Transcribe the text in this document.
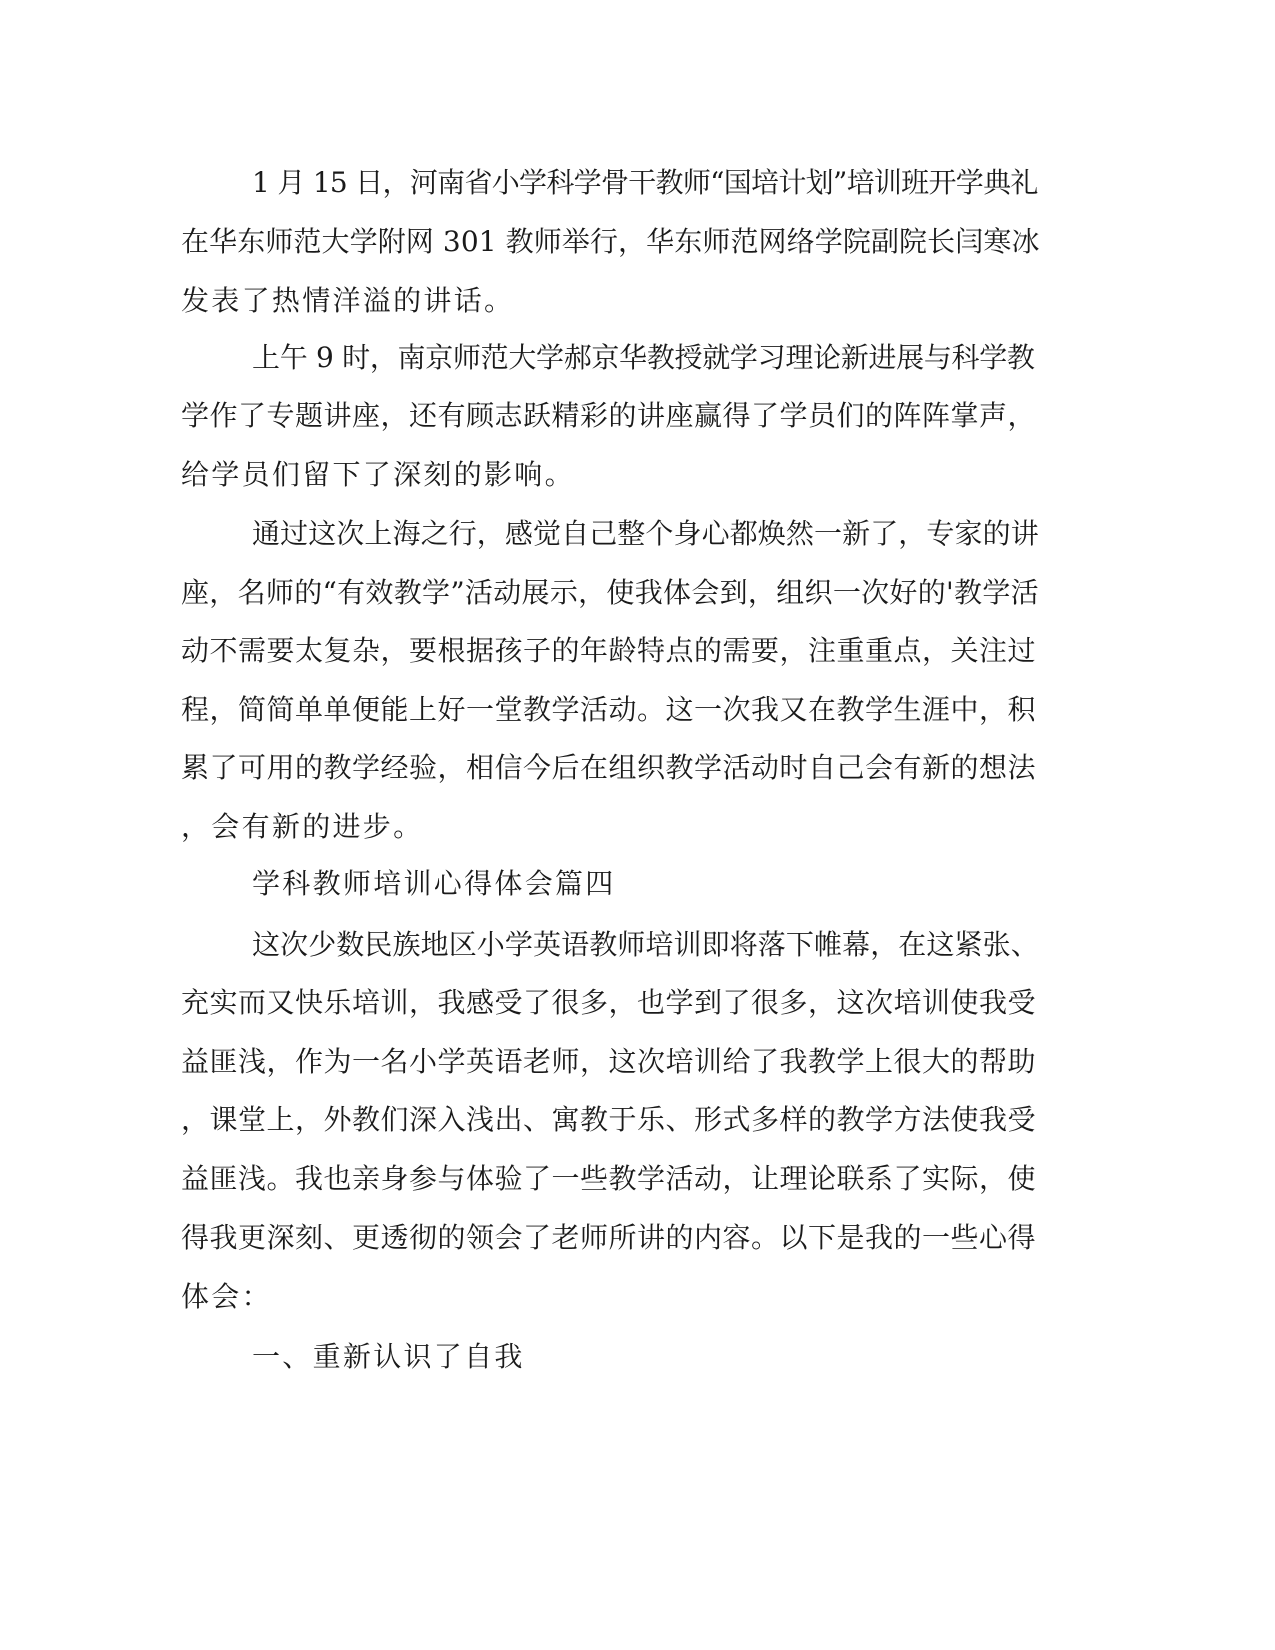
1 月 15 日，河南省小学科学骨干教师“国培计划”培训班开学典礼
在华东师范大学附网 301 教师举行，华东师范网络学院副院长闫寒冰
发表了热情洋溢的讲话。
上午 9 时，南京师范大学郝京华教授就学习理论新进展与科学教
学作了专题讲座，还有顾志跃精彩的讲座赢得了学员们的阵阵掌声，
给学员们留下了深刻的影响。
通过这次上海之行，感觉自己整个身心都焕然一新了，专家的讲
座，名师的“有效教学”活动展示，使我体会到，组织一次好的'教学活
动不需要太复杂，要根据孩子的年龄特点的需要，注重重点，关注过
程，简简单单便能上好一堂教学活动。这一次我又在教学生涯中，积
累了可用的教学经验，相信今后在组织教学活动时自己会有新的想法
，会有新的进步。
学科教师培训心得体会篇四
这次少数民族地区小学英语教师培训即将落下帷幕，在这紧张、
充实而又快乐培训，我感受了很多，也学到了很多，这次培训使我受
益匪浅，作为一名小学英语老师，这次培训给了我教学上很大的帮助
，课堂上，外教们深入浅出、寓教于乐、形式多样的教学方法使我受
益匪浅。我也亲身参与体验了一些教学活动，让理论联系了实际，使
得我更深刻、更透彻的领会了老师所讲的内容。以下是我的一些心得
体会：
一、重新认识了自我
